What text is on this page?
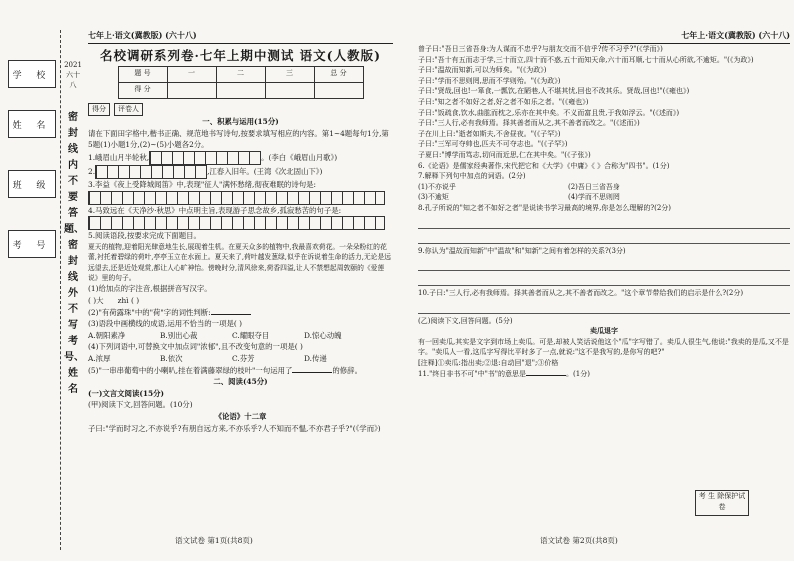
学 校
姓 名
班 级
考 号
2021 六十八
密封线内不要答题、密封线外不写考号、姓名
七年上·语文(冀教版) (六十八)	七年上·语文(冀教版) (六十八)
名校调研系列卷·七年上期中测试 语文(人教版)
题 号	一	二	三	总 分
得 分				
得分 评卷人

一、积累与运用(15分)

请在下面田字格中,楷书正确、规范地书写诗句,按要求填写相应的内容。第1~4题每句1分,第5题(1)小题1分,(2)~(5)小题各2分。

1.峨眉山月半轮秋,	。(李白《峨眉山月歌》)

2.	,江春入旧年。(王湾《次北固山下》)

3.李益《夜上受降城闻笛》中,表现"征人"满怀愁绪,彻夜难眠的诗句是:

4.马致远在《天净沙·秋思》中点明主旨,表现游子思念故乡,孤寂愁苦的句子是:

5.阅读语段,按要求完成下面题目。

夏天的植物,迎着阳光肆意地生长,展现着生机。在夏天众多的植物中,我最喜欢荷花。一朵朵粉红的花蕾,衬托着碧绿的荷叶,亭亭玉立在水面上。夏天来了,荷叶越发葱绿,似乎在诉说着生命的活力,无论是远远望去,还是近处观赏,都让人心旷神怡。傍晚时分,清风徐来,荷香四溢,让人不禁想起周敦颐的《爱莲说》里的句子。

(1)给加点的字注音,根据拼音写汉字。

( )大 zhì ( )

(2)"有荷露珠"中的"荷"字的词性判断:

(3)语段中画横线的成语,运用不恰当的一项是( )

A.朝阳素净	B.别出心裁	C.耀眼夺目	D.惊心动魄

(4)下列词语中,可替换文中加点词"浓郁",且不改变句意的一项是( )

A.浓厚	B.依次	C.芬芳	D.传递

(5)"一串串葡萄中的小喇叭,挂在着满藤翠绿的枝叶"一句运用了	的修辞。

二、阅读(45分)

(一)文言文阅读(15分)

(甲)阅读下文,回答问题。(10分)

《论语》十二章

子曰:"学而时习之,不亦说乎?有朋自远方来,不亦乐乎?人不知而不愠,不亦君子乎?"(《学而》)

曾子曰:"吾日三省吾身:为人谋而不忠乎?与朋友交而不信乎?传不习乎?"(《学而》)

子曰:"吾十有五而志于学,三十而立,四十而不惑,五十而知天命,六十而耳顺,七十而从心所欲,不逾矩。"(《为政》)

子曰:"温故而知新,可以为师矣。"(《为政》)

子曰:"学而不思则罔,思而不学则殆。"(《为政》)

子曰:"贤哉,回也!一箪食,一瓢饮,在陋巷,人不堪其忧,回也不改其乐。贤哉,回也!"(《雍也》)

子曰:"知之者不如好之者,好之者不如乐之者。"(《雍也》)

子曰:"饭疏食,饮水,曲肱而枕之,乐亦在其中矣。不义而富且贵,于我如浮云。"(《述而》)

子曰:"三人行,必有我师焉。择其善者而从之,其不善者而改之。"(《述而》)

子在川上曰:"逝者如斯夫,不舍昼夜。"(《子罕》)

子曰:"三军可夺帅也,匹夫不可夺志也。"(《子罕》)

子夏曰:"博学而笃志,切问而近思,仁在其中矣。"(《子张》)

6.《论语》是儒家经典著作,宋代把它和《大学》《中庸》《 》合称为"四书"。(1分)

7.解释下列句中加点的词语。(2分)

(1)不亦说乎	(2)吾日三省吾身

(3)不逾矩	(4)学而不思则罔

8.孔子所说的"知之者不如好之者"是说读书学习最高的境界,你是怎么理解的?(2分)

9.你认为"温故而知新"中"温故"和"知新"之间有着怎样的关系?(3分)

10.子曰:"三人行,必有我师焉。择其善者而从之,其不善者而改之。"这个章节带给我们的启示是什么?(2分)

(乙)阅读下文,回答问题。(5分)

卖瓜退字

有一回卖瓜,其实是文字到市场上卖瓜。可是,却被人笑话说他这个"瓜"字写错了。卖瓜人很生气,他说:"我卖的是瓜,又不是字。"卖瓜人一看,这瓜字写得比平时多了一点,就说:"这不是我写的,是你写的吧?"

[注释]①卖瓜:指出卖;②退:自动回"退";③价格

11."终日非书不可"中"书"的意思是	。(1分)

考 生 除保护试卷
语文试卷 第1页(共8页)	语文试卷 第2页(共8页)
